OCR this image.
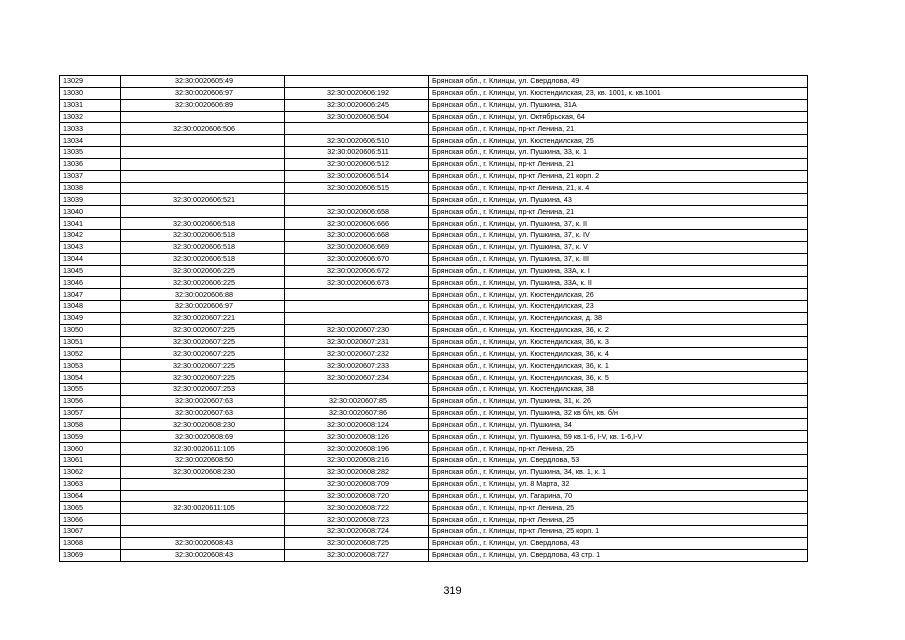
13029	32:30:0020605:49		Брянская обл., г. Клинцы, ул. Свердлова, 49
13030	32:30:0020606:97	32:30:0020606:192	Брянская обл., г. Клинцы, ул. Кюстендилская, 23, кв. 1001, к. кв.1001
13031	32:30:0020606:89	32:30:0020606:245	Брянская обл., г. Клинцы, ул. Пушкина, 31А
13032		32:30:0020606:504	Брянская обл., г. Клинцы, ул. Октябрьская, 64
13033	32:30:0020606:506		Брянская обл., г. Клинцы, пр-кт Ленина, 21
13034		32:30:0020606:510	Брянская обл., г. Клинцы, ул. Кюстендилская, 25
13035		32:30:0020606:511	Брянская обл., г. Клинцы, ул. Пушкина, 33, к. 1
13036		32:30:0020606:512	Брянская обл., г. Клинцы, пр-кт Ленина, 21
13037		32:30:0020606:514	Брянская обл., г. Клинцы, пр-кт Ленина, 21 корп. 2
13038		32:30:0020606:515	Брянская обл., г. Клинцы, пр-кт Ленина, 21, к. 4
13039	32:30:0020606:521		Брянская обл., г. Клинцы, ул. Пушкина, 43
13040		32:30:0020606:658	Брянская обл., г. Клинцы, пр-кт Ленина, 21
13041	32:30:0020606:518	32:30:0020606:666	Брянская обл., г. Клинцы, ул. Пушкина, 37, к. II
13042	32:30:0020606:518	32:30:0020606:668	Брянская обл., г. Клинцы, ул. Пушкина, 37, к. IV
13043	32:30:0020606:518	32:30:0020606:669	Брянская обл., г. Клинцы, ул. Пушкина, 37, к. V
13044	32:30:0020606:518	32:30:0020606:670	Брянская обл., г. Клинцы, ул. Пушкина, 37, к. III
13045	32:30:0020606:225	32:30:0020606:672	Брянская обл., г. Клинцы, ул. Пушкина, 33А, к. I
13046	32:30:0020606:225	32:30:0020606:673	Брянская обл., г. Клинцы, ул. Пушкина, 33А, к. II
13047	32:30:0020606:88		Брянская обл., г. Клинцы, ул. Кюстендилская, 26
13048	32:30:0020606:97		Брянская обл., г. Клинцы, ул. Кюстендилская, 23
13049	32:30:0020607:221		Брянская обл., г. Клинцы, ул. Кюстендилская, д. 38
13050	32:30:0020607:225	32:30:0020607:230	Брянская обл., г. Клинцы, ул. Кюстендилская, 36, к. 2
13051	32:30:0020607:225	32:30:0020607:231	Брянская обл., г. Клинцы, ул. Кюстендилская, 36, к. 3
13052	32:30:0020607:225	32:30:0020607:232	Брянская обл., г. Клинцы, ул. Кюстендилская, 36, к. 4
13053	32:30:0020607:225	32:30:0020607:233	Брянская обл., г. Клинцы, ул. Кюстендилская, 36, к. 1
13054	32:30:0020607:225	32:30:0020607:234	Брянская обл., г. Клинцы, ул. Кюстендилская, 36, к. 5
13055	32:30:0020607:253		Брянская обл., г. Клинцы, ул. Кюстендилская, 38
13056	32:30:0020607:63	32:30:0020607:85	Брянская обл., г. Клинцы, ул. Пушкина, 31, к. 26
13057	32:30:0020607:63	32:30:0020607:86	Брянская обл., г. Клинцы, ул. Пушкина, 32 кв б/н, кв. б/н
13058	32:30:0020608:230	32:30:0020608:124	Брянская обл., г. Клинцы, ул. Пушкина, 34
13059	32:30:0020608:69	32:30:0020608:126	Брянская обл., г. Клинцы, ул. Пушкина, 59 кв.1-6, I-V, кв. 1-6,I-V
13060	32:30:0020611:105	32:30:0020608:196	Брянская обл., г. Клинцы, пр-кт Ленина, 25
13061	32:30:0020608:50	32:30:0020608:216	Брянская обл., г. Клинцы, ул. Свердлова, 53
13062	32:30:0020608:230	32:30:0020608:282	Брянская обл., г. Клинцы, ул. Пушкина, 34, кв. 1, к. 1
13063		32:30:0020608:709	Брянская обл., г. Клинцы, ул. 8 Марта, 32
13064		32:30:0020608:720	Брянская обл., г. Клинцы, ул. Гагарина, 70
13065	32:30:0020611:105	32:30:0020608:722	Брянская обл., г. Клинцы, пр-кт Ленина, 25
13066		32:30:0020608:723	Брянская обл., г. Клинцы, пр-кт Ленина, 25
13067		32:30:0020608:724	Брянская обл., г. Клинцы, пр-кт Ленина, 25 корп. 1
13068	32:30:0020608:43	32:30:0020608:725	Брянская обл., г. Клинцы, ул. Свердлова, 43
13069	32:30:0020608:43	32:30:0020608:727	Брянская обл., г. Клинцы, ул. Свердлова, 43 стр. 1
319
